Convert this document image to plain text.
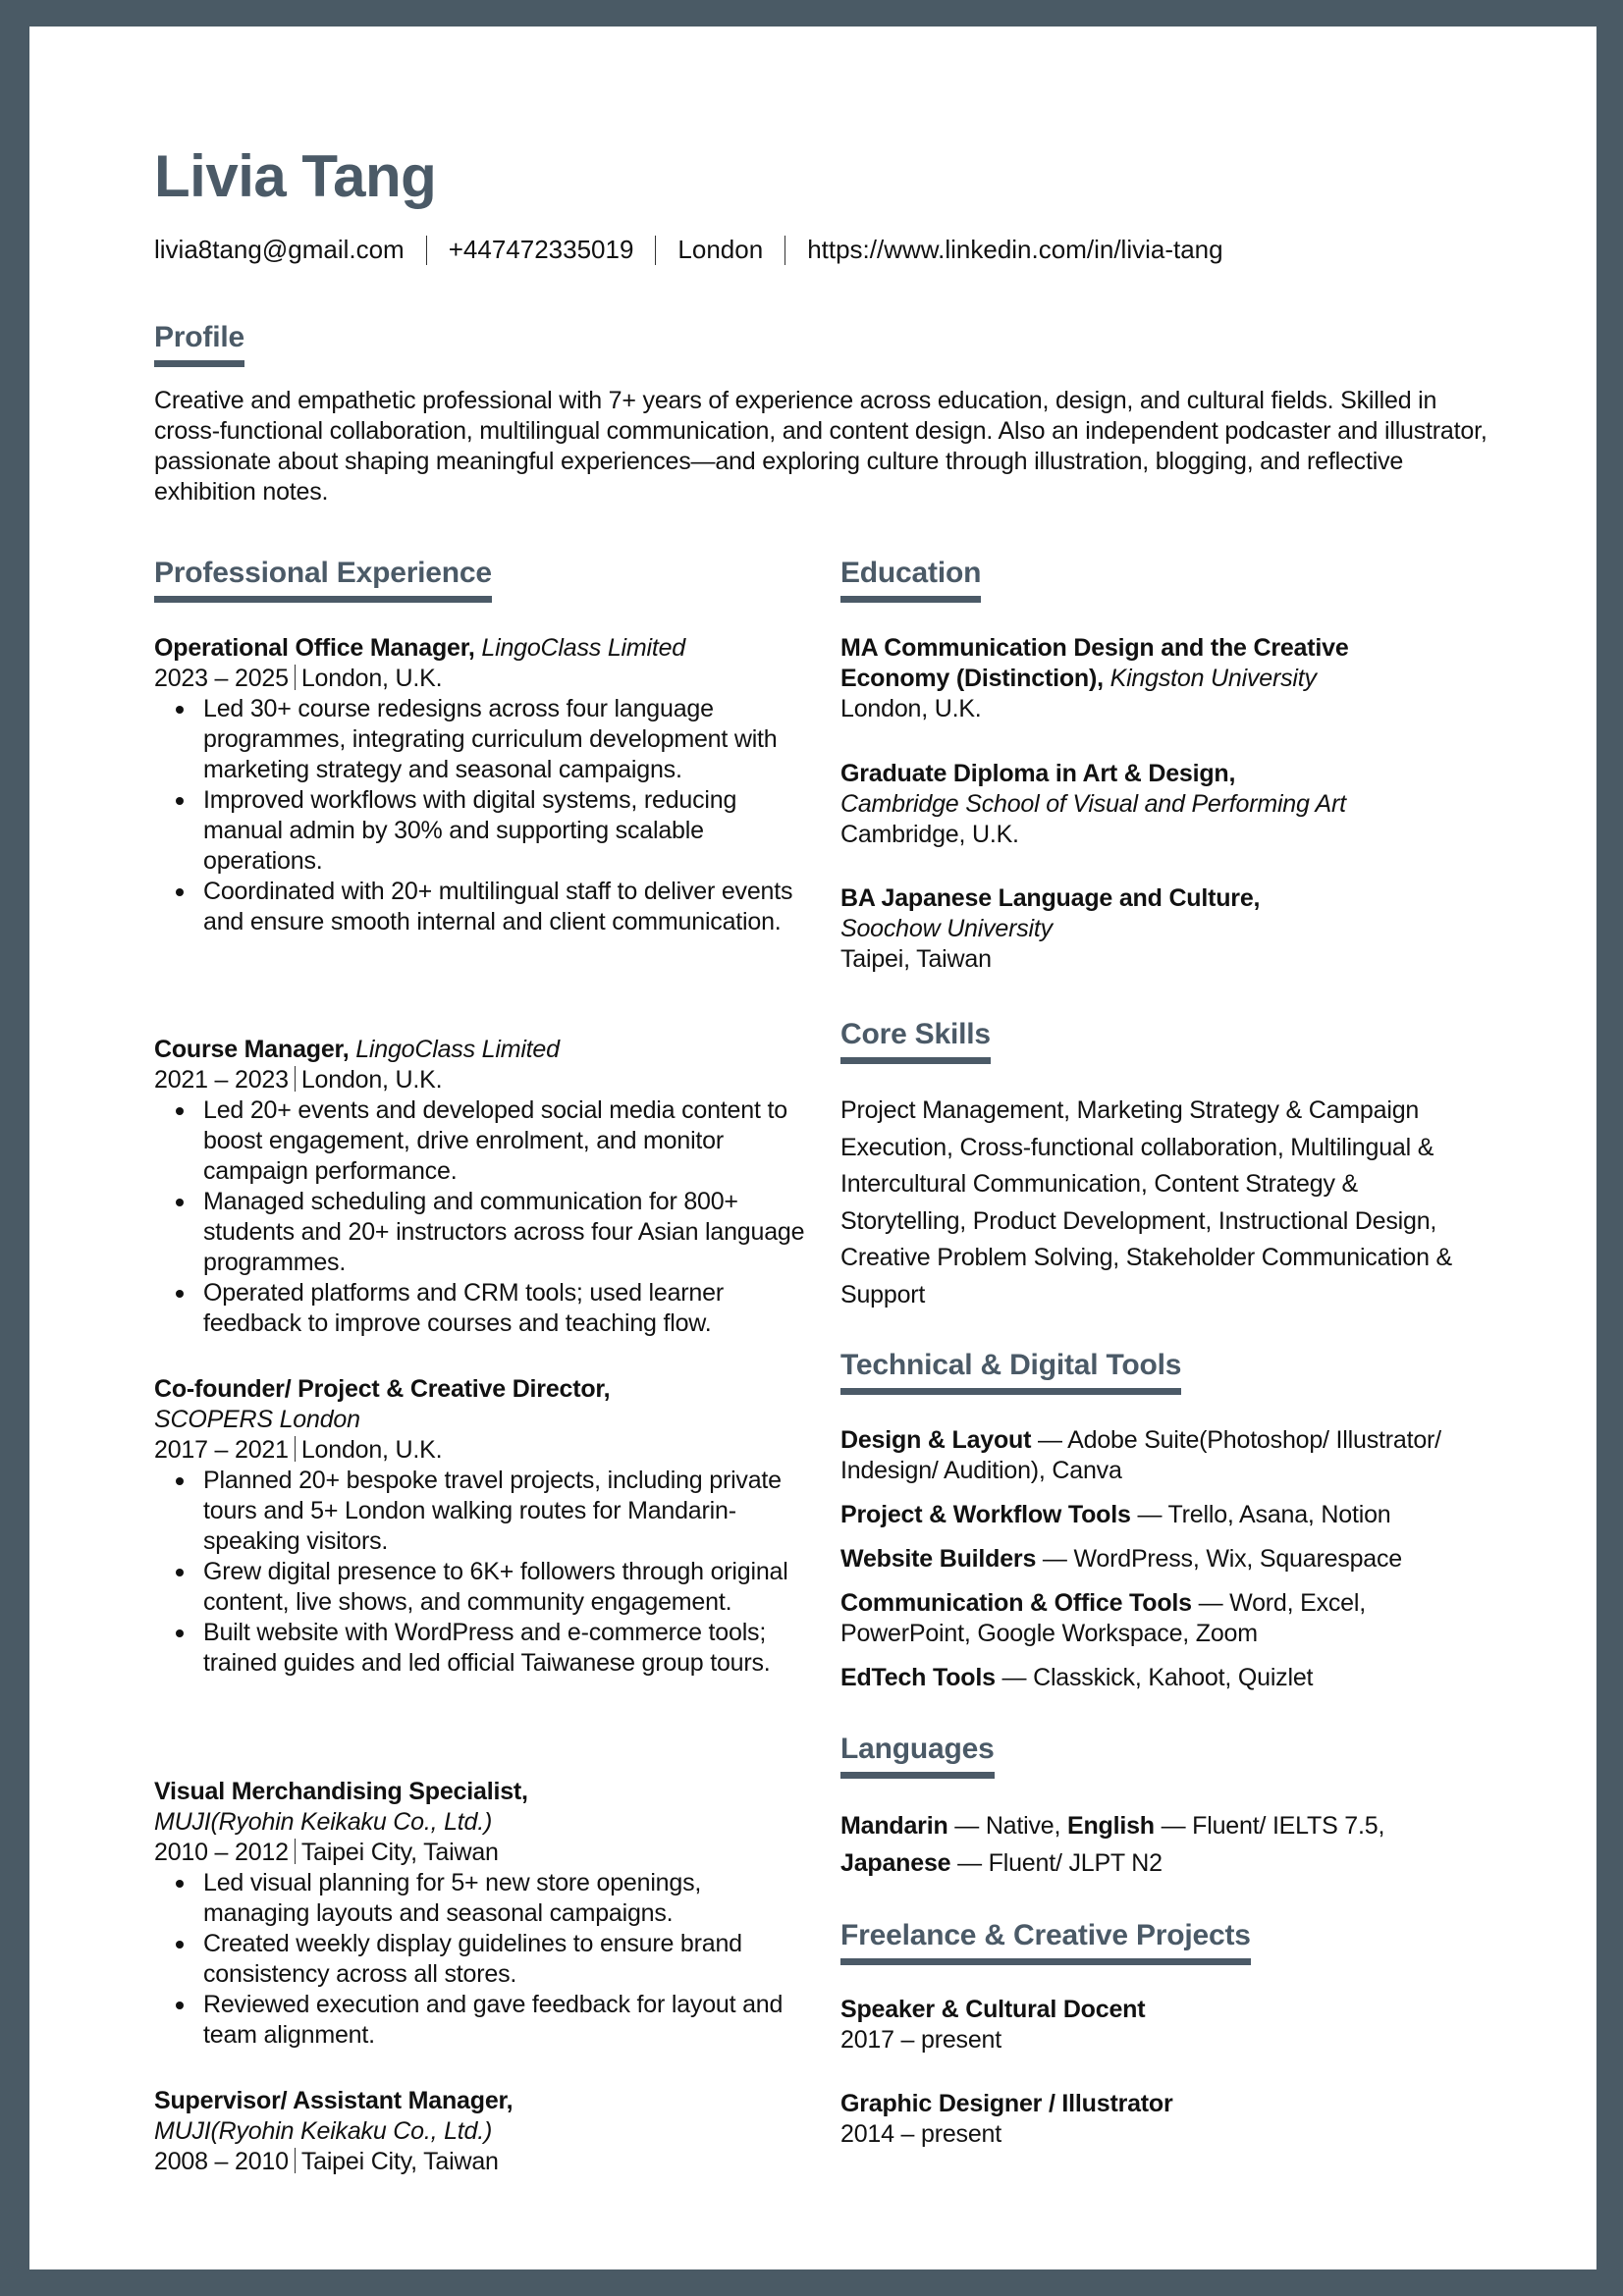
Livia Tang
livia8tang@gmail.com +447472335019 London https://www.linkedin.com/in/livia-tang
Profile
Creative and empathetic professional with 7+ years of experience across education, design, and cultural fields. Skilled in cross-functional collaboration, multilingual communication, and content design. Also an independent podcaster and illustrator, passionate about shaping meaningful experiences—and exploring culture through illustration, blogging, and reflective exhibition notes.
Professional Experience
Operational Office Manager, LingoClass Limited
2023 – 2025 London, U.K.
Led 30+ course redesigns across four language programmes, integrating curriculum development with marketing strategy and seasonal campaigns.
Improved workflows with digital systems, reducing manual admin by 30% and supporting scalable operations.
Coordinated with 20+ multilingual staff to deliver events and ensure smooth internal and client communication.
Course Manager, LingoClass Limited
2021 – 2023 London, U.K.
Led 20+ events and developed social media content to boost engagement, drive enrolment, and monitor campaign performance.
Managed scheduling and communication for 800+ students and 20+ instructors across four Asian language programmes.
Operated platforms and CRM tools; used learner feedback to improve courses and teaching flow.
Co-founder/ Project & Creative Director,
SCOPERS London
2017 – 2021 London, U.K.
Planned 20+ bespoke travel projects, including private tours and 5+ London walking routes for Mandarin-speaking visitors.
Grew digital presence to 6K+ followers through original content, live shows, and community engagement.
Built website with WordPress and e-commerce tools; trained guides and led official Taiwanese group tours.
Visual Merchandising Specialist,
MUJI(Ryohin Keikaku Co., Ltd.)
2010 – 2012 Taipei City, Taiwan
Led visual planning for 5+ new store openings, managing layouts and seasonal campaigns.
Created weekly display guidelines to ensure brand consistency across all stores.
Reviewed execution and gave feedback for layout and team alignment.
Supervisor/ Assistant Manager,
MUJI(Ryohin Keikaku Co., Ltd.)
2008 – 2010 Taipei City, Taiwan
Education
MA Communication Design and the Creative Economy (Distinction), Kingston University
London, U.K.
Graduate Diploma in Art & Design,
Cambridge School of Visual and Performing Art
Cambridge, U.K.
BA Japanese Language and Culture,
Soochow University
Taipei, Taiwan
Core Skills
Project Management, Marketing Strategy & Campaign Execution, Cross-functional collaboration, Multilingual & Intercultural Communication, Content Strategy & Storytelling, Product Development, Instructional Design, Creative Problem Solving, Stakeholder Communication & Support
Technical & Digital Tools
Design & Layout — Adobe Suite(Photoshop/ Illustrator/ Indesign/ Audition), Canva
Project & Workflow Tools — Trello, Asana, Notion
Website Builders — WordPress, Wix, Squarespace
Communication & Office Tools — Word, Excel, PowerPoint, Google Workspace, Zoom
EdTech Tools — Classkick, Kahoot, Quizlet
Languages
Mandarin — Native, English — Fluent/ IELTS 7.5,
Japanese — Fluent/ JLPT N2
Freelance & Creative Projects
Speaker & Cultural Docent
2017 – present
Graphic Designer / Illustrator
2014 – present
